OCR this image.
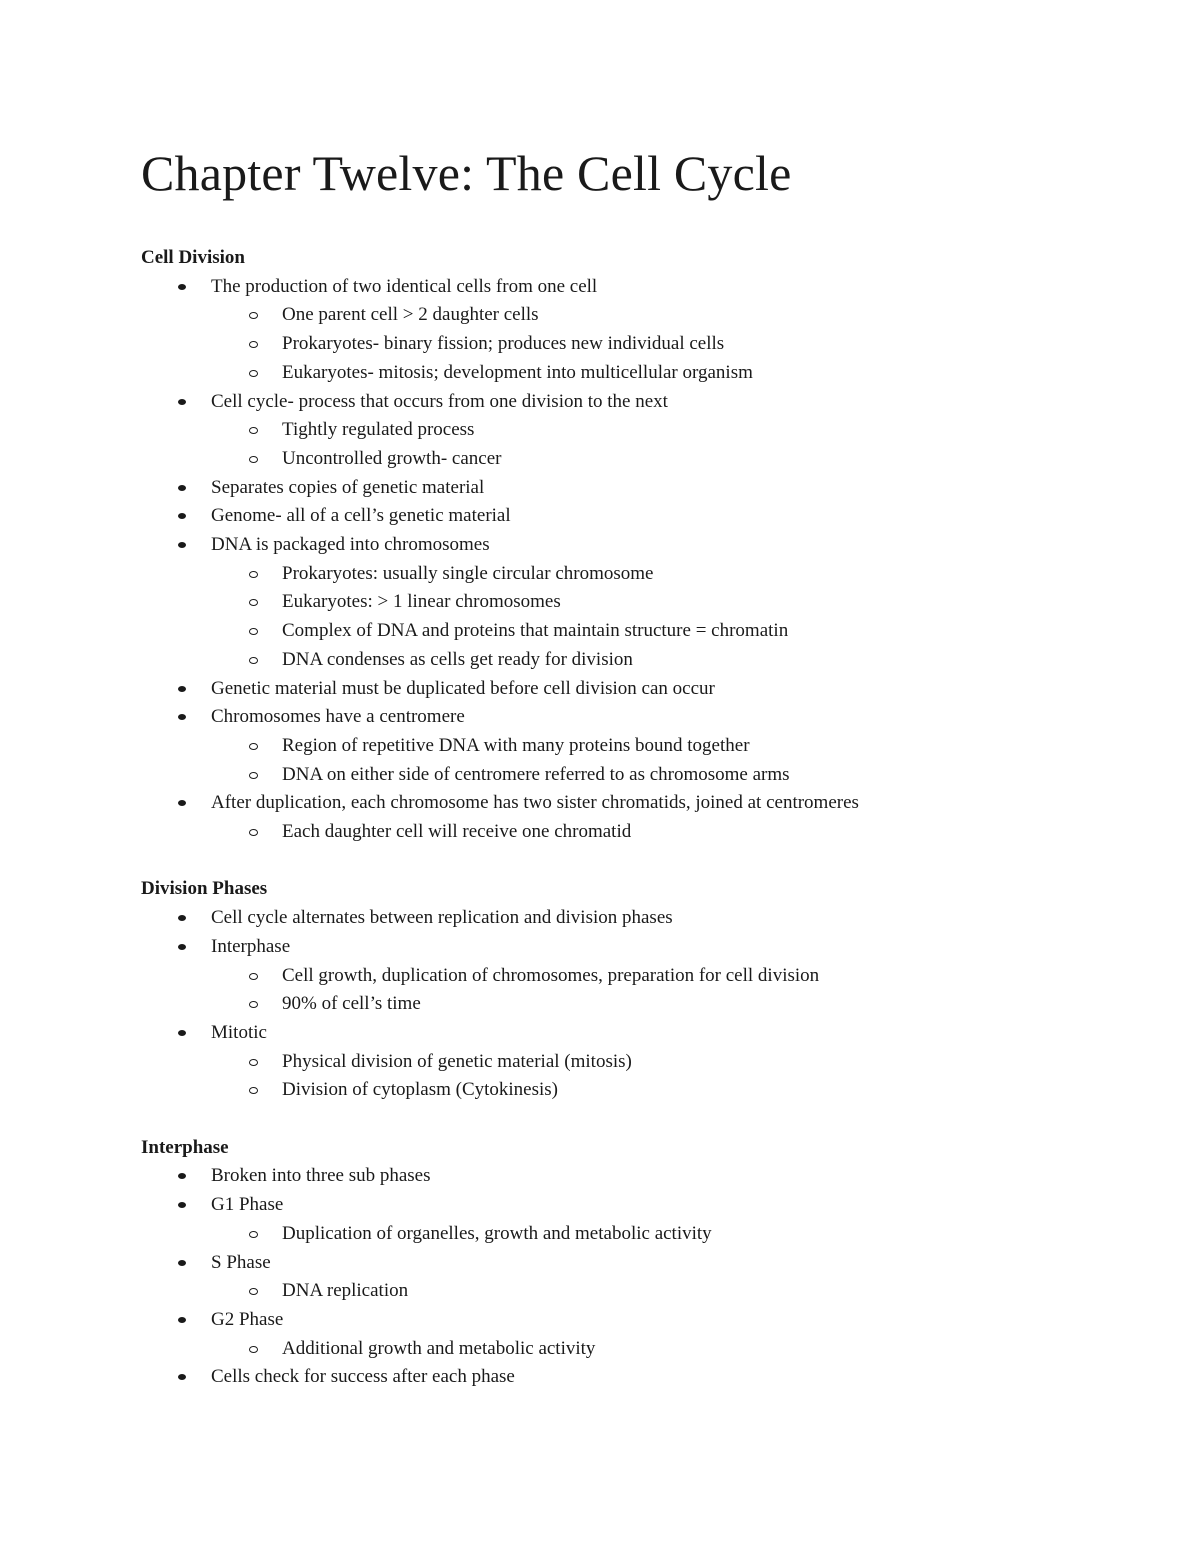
Chapter Twelve: The Cell Cycle
Cell Division
The production of two identical cells from one cell
One parent cell > 2 daughter cells
Prokaryotes- binary fission; produces new individual cells
Eukaryotes- mitosis; development into multicellular organism
Cell cycle- process that occurs from one division to the next
Tightly regulated process
Uncontrolled growth- cancer
Separates copies of genetic material
Genome- all of a cell’s genetic material
DNA is packaged into chromosomes
Prokaryotes: usually single circular chromosome
Eukaryotes: > 1 linear chromosomes
Complex of DNA and proteins that maintain structure = chromatin
DNA condenses as cells get ready for division
Genetic material must be duplicated before cell division can occur
Chromosomes have a centromere
Region of repetitive DNA with many proteins bound together
DNA on either side of centromere referred to as chromosome arms
After duplication, each chromosome has two sister chromatids, joined at centromeres
Each daughter cell will receive one chromatid
Division Phases
Cell cycle alternates between replication and division phases
Interphase
Cell growth, duplication of chromosomes, preparation for cell division
90% of cell’s time
Mitotic
Physical division of genetic material (mitosis)
Division of cytoplasm (Cytokinesis)
Interphase
Broken into three sub phases
G1 Phase
Duplication of organelles, growth and metabolic activity
S Phase
DNA replication
G2 Phase
Additional growth and metabolic activity
Cells check for success after each phase
